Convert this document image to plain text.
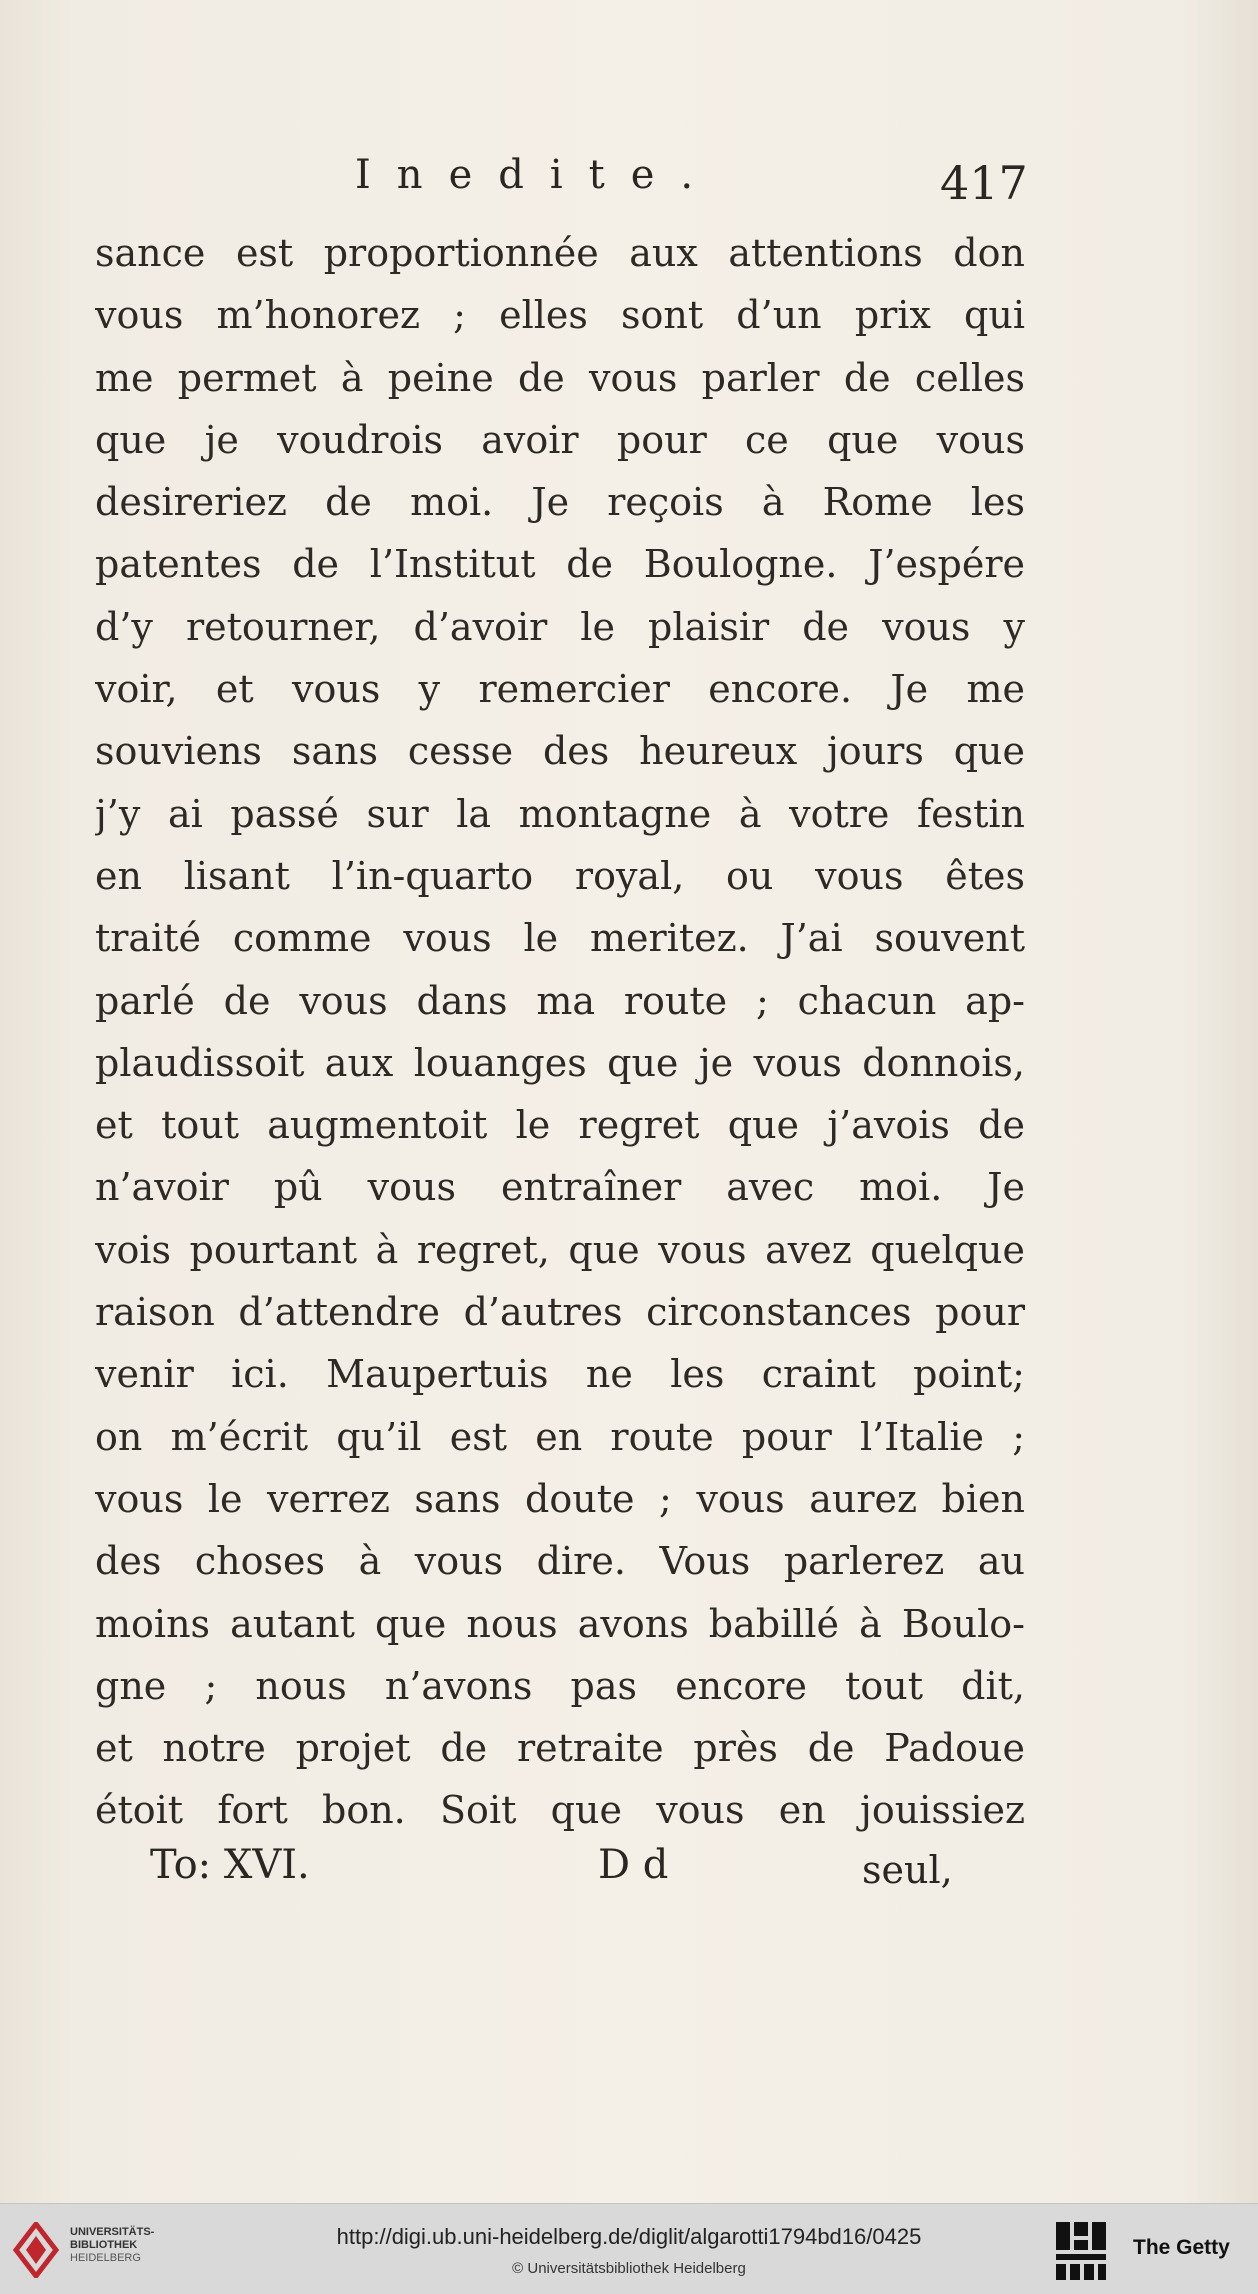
Inedite.	417
sance est proportionnée aux attentions don
vous m’honorez ; elles sont d’un prix qui
me permet à peine de vous parler de celles
que je voudrois avoir pour ce que vous
desireriez de moi. Je reçois à Rome les
patentes de l’Institut de Boulogne. J’espére
d’y retourner, d’avoir le plaisir de vous y
voir, et vous y remercier encore. Je me
souviens sans cesse des heureux jours que
j’y ai passé sur la montagne à votre festin
en lisant l’in-quarto royal, ou vous êtes
traité comme vous le meritez. J’ai souvent
parlé de vous dans ma route ; chacun ap-
plaudissoit aux louanges que je vous donnois,
et tout augmentoit le regret que j’avois de
n’avoir pû vous entraîner avec moi. Je
vois pourtant à regret, que vous avez quelque
raison d’attendre d’autres circonstances pour
venir ici. Maupertuis ne les craint point;
on m’écrit qu’il est en route pour l’Italie ;
vous le verrez sans doute ; vous aurez bien
des choses à vous dire. Vous parlerez au
moins autant que nous avons babillé à Boulo-
gne ; nous n’avons pas encore tout dit,
et notre projet de retraite près de Padoue
étoit fort bon. Soit que vous en jouissiez
To: XVI.	D d	seul,
UNIVERSITÄTS-
BIBLIOTHEK
HEIDELBERG
http://digi.ub.uni-heidelberg.de/diglit/algarotti1794bd16/0425
© Universitätsbibliothek Heidelberg
The Getty
